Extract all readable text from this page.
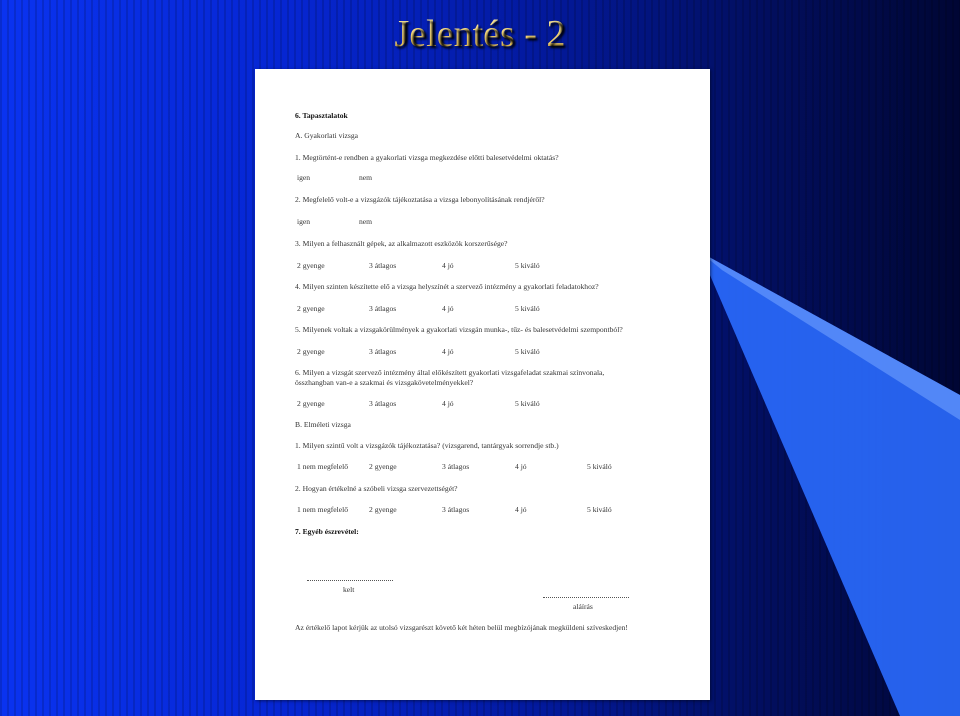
Jelentés - 2
6. Tapasztalatok
A. Gyakorlati vizsga
1. Megtörtént-e rendben a gyakorlati vizsga megkezdése előtti balesetvédelmi oktatás?
igen	nem
2. Megfelelő volt-e a vizsgázók tájékoztatása a vizsga lebonyolításának rendjéről?
igen	nem
3. Milyen a felhasznált gépek, az alkalmazott eszközök korszerűsége?
2 gyenge	3 átlagos	4 jó	5 kiváló
4. Milyen szinten készítette elő a vizsga helyszínét a szervező intézmény a gyakorlati feladatokhoz?
2 gyenge	3 átlagos	4 jó	5 kiváló
5. Milyenek voltak a vizsgakörülmények a gyakorlati vizsgán munka-, tűz- és balesetvédelmi szempontból?
2 gyenge	3 átlagos	4 jó	5 kiváló
6. Milyen a vizsgát szervező intézmény által előkészített gyakorlati vizsgafeladat szakmai színvonala,
összhangban van-e a szakmai és vizsgakövetelményekkel?
2 gyenge	3 átlagos	4 jó	5 kiváló
B. Elméleti vizsga
1. Milyen szintű volt a vizsgázók tájékoztatása? (vizsgarend, tantárgyak sorrendje stb.)
1 nem megfelelő	2 gyenge	3 átlagos	4 jó	5 kiváló
2. Hogyan értékelné a szóbeli vizsga szervezettségét?
1 nem megfelelő	2 gyenge	3 átlagos	4 jó	5 kiváló
7. Egyéb észrevétel:
kelt
aláírás
Az értékelő lapot kérjük az utolsó vizsgarészt követő két héten belül megbízójának megküldeni szíveskedjen!
